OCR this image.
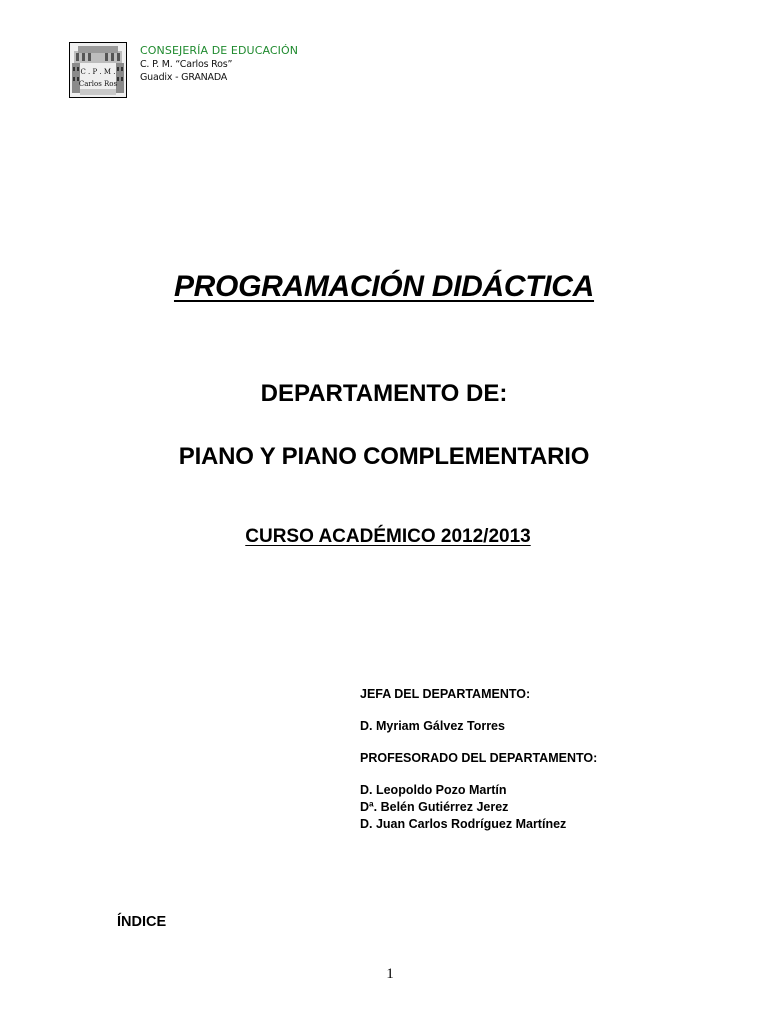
C . P . M .
Carlos Ros
CONSEJERÍA DE EDUCACIÓN
C. P. M. “Carlos Ros”
Guadix - GRANADA
PROGRAMACIÓN DIDÁCTICA
DEPARTAMENTO DE:
PIANO Y PIANO COMPLEMENTARIO
CURSO ACADÉMICO 2012/2013
JEFA DEL DEPARTAMENTO:
D. Myriam Gálvez Torres
PROFESORADO DEL DEPARTAMENTO:
D. Leopoldo Pozo Martín
Dª. Belén Gutiérrez Jerez
D. Juan Carlos Rodríguez Martínez
ÍNDICE
1
